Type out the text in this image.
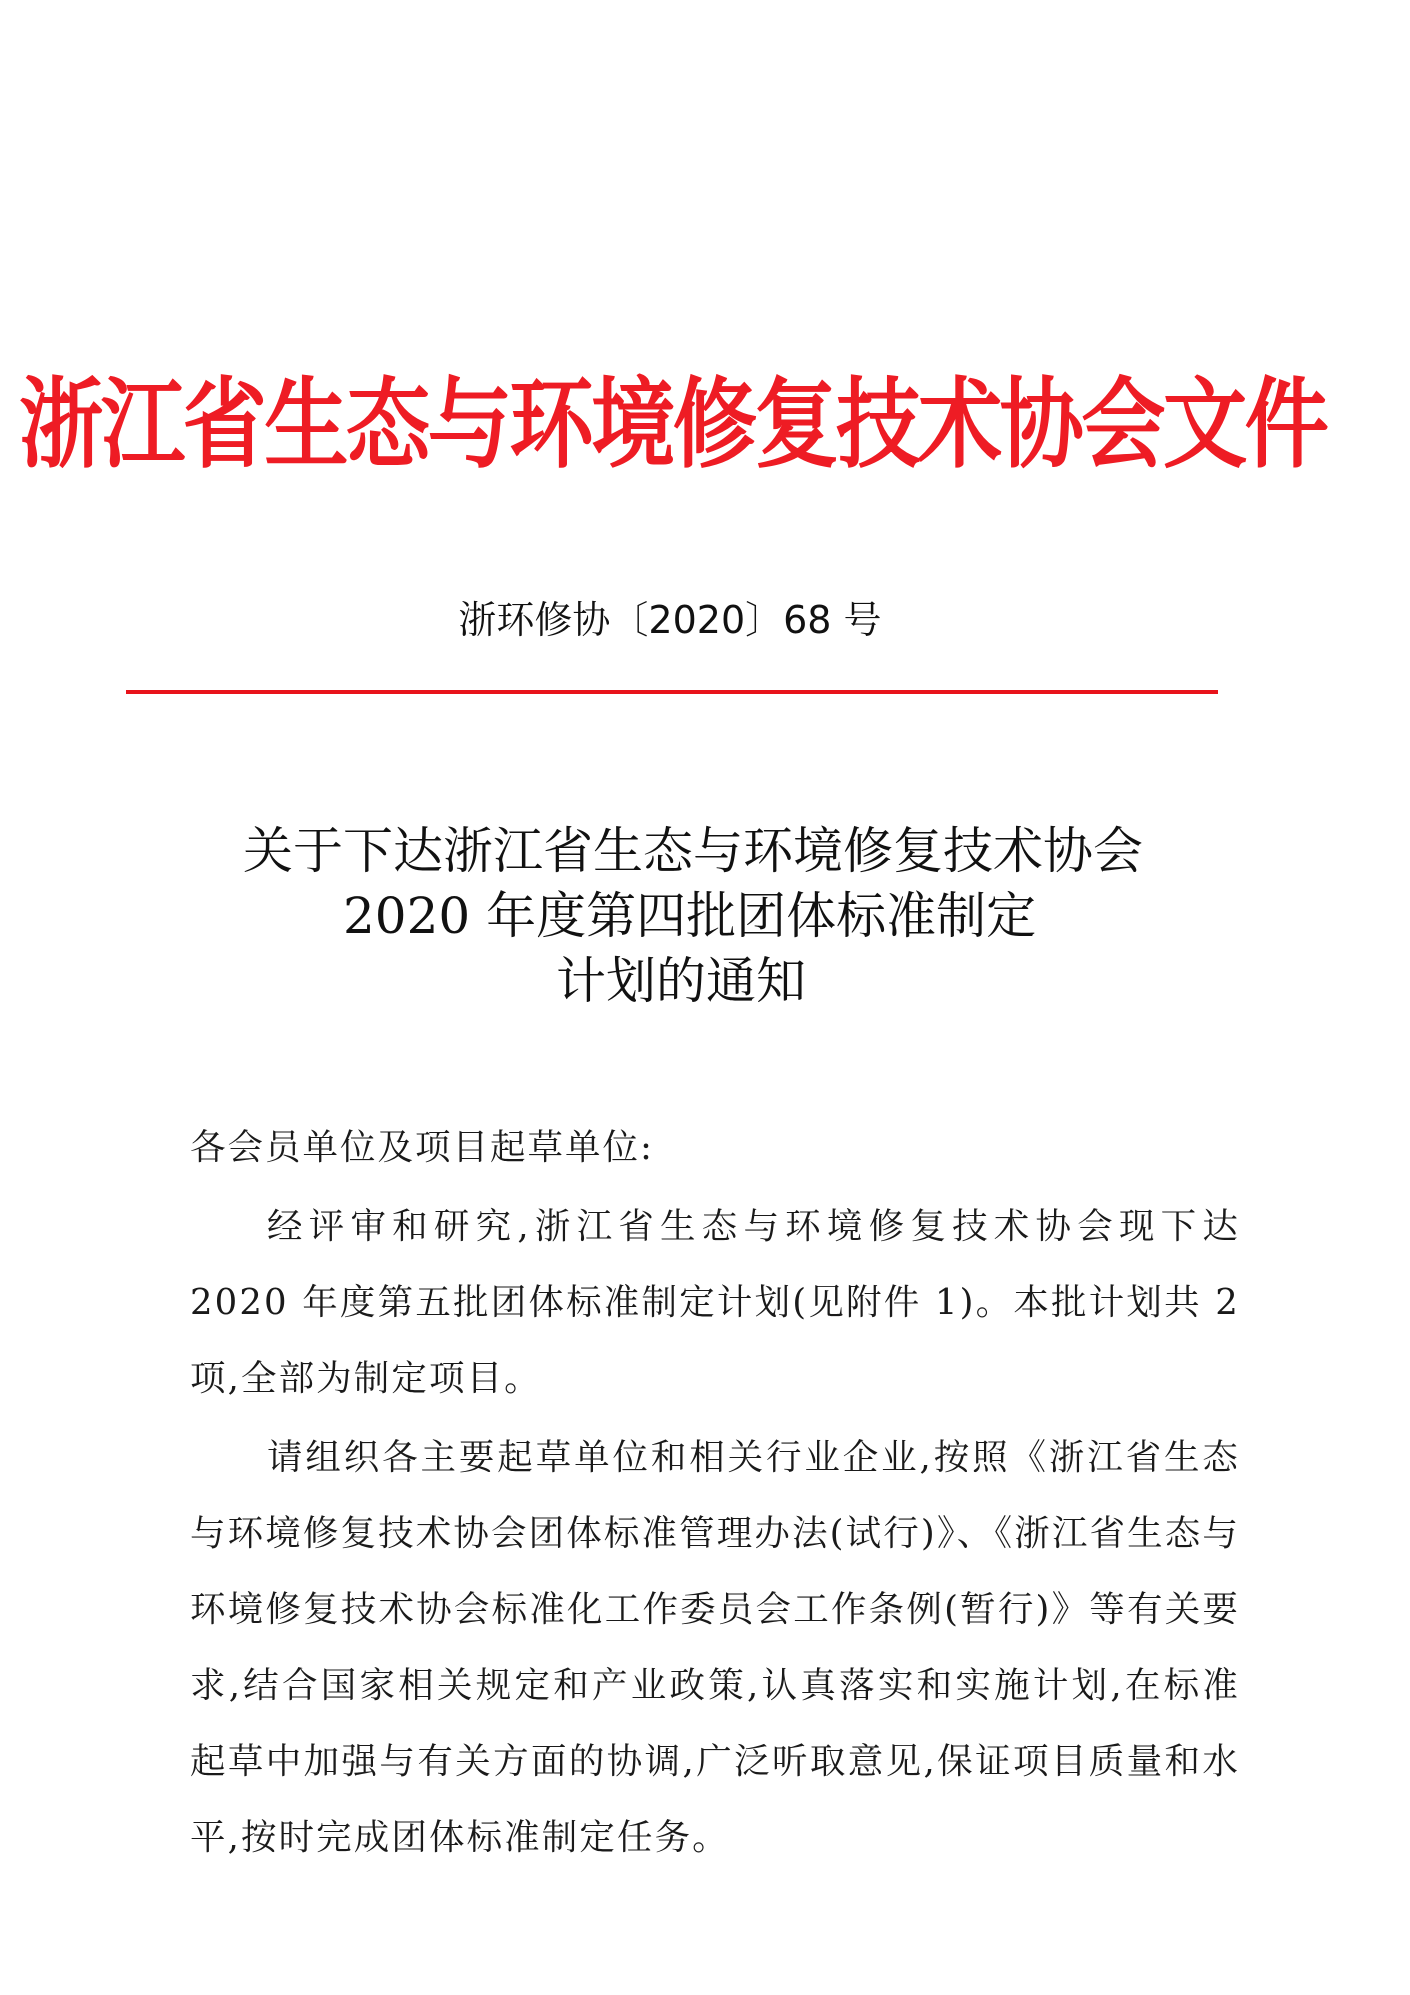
浙江省生态与环境修复技术协会文件
浙环修协〔2020〕68 号
关于下达浙江省生态与环境修复技术协会
2020 年度第四批团体标准制定
计划的通知
各会员单位及项目起草单位:

经评审和研究,浙江省生态与环境修复技术协会现下达2020 年度第五批团体标准制定计划(见附件 1)。本批计划共 2 项,全部为制定项目。

请组织各主要起草单位和相关行业企业,按照《浙江省生态与环境修复技术协会团体标准管理办法(试行)》、《浙江省生态与环境修复技术协会标准化工作委员会工作条例(暂行)》等有关要求,结合国家相关规定和产业政策,认真落实和实施计划,在标准起草中加强与有关方面的协调,广泛听取意见,保证项目质量和水平,按时完成团体标准制定任务。
